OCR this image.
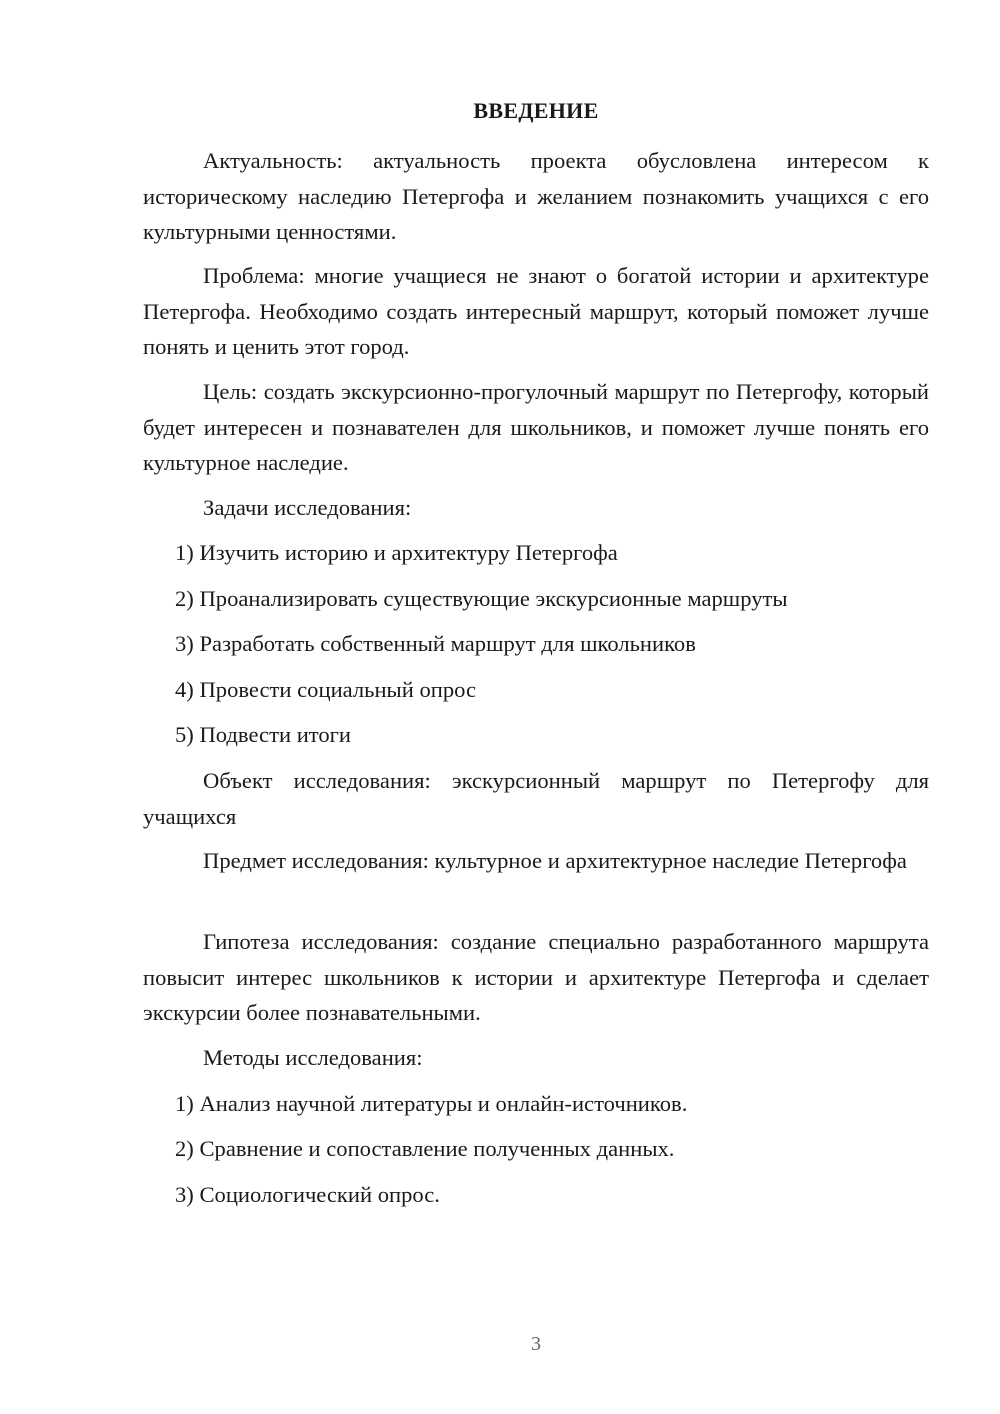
ВВЕДЕНИЕ

Актуальность: актуальность проекта обусловлена интересом к историческому наследию Петергофа и желанием познакомить учащихся с его культурными ценностями.

Проблема: многие учащиеся не знают о богатой истории и архитектуре Петергофа. Необходимо создать интересный маршрут, который поможет лучше понять и ценить этот город.

Цель: создать экскурсионно-прогулочный маршрут по Петергофу, который будет интересен и познавателен для школьников, и поможет лучше понять его культурное наследие.

Задачи исследования:

1) Изучить историю и архитектуру Петергофа

2) Проанализировать существующие экскурсионные маршруты

3) Разработать собственный маршрут для школьников

4) Провести социальный опрос

5) Подвести итоги

Объект исследования: экскурсионный маршрут по Петергофу для учащихся

Предмет исследования: культурное и архитектурное наследие Петергофа

Гипотеза исследования: создание специально разработанного маршрута повысит интерес школьников к истории и архитектуре Петергофа и сделает экскурсии более познавательными.

Методы исследования:

1) Анализ научной литературы и онлайн-источников.

2) Сравнение и сопоставление полученных данных.

3) Социологический опрос.

3
